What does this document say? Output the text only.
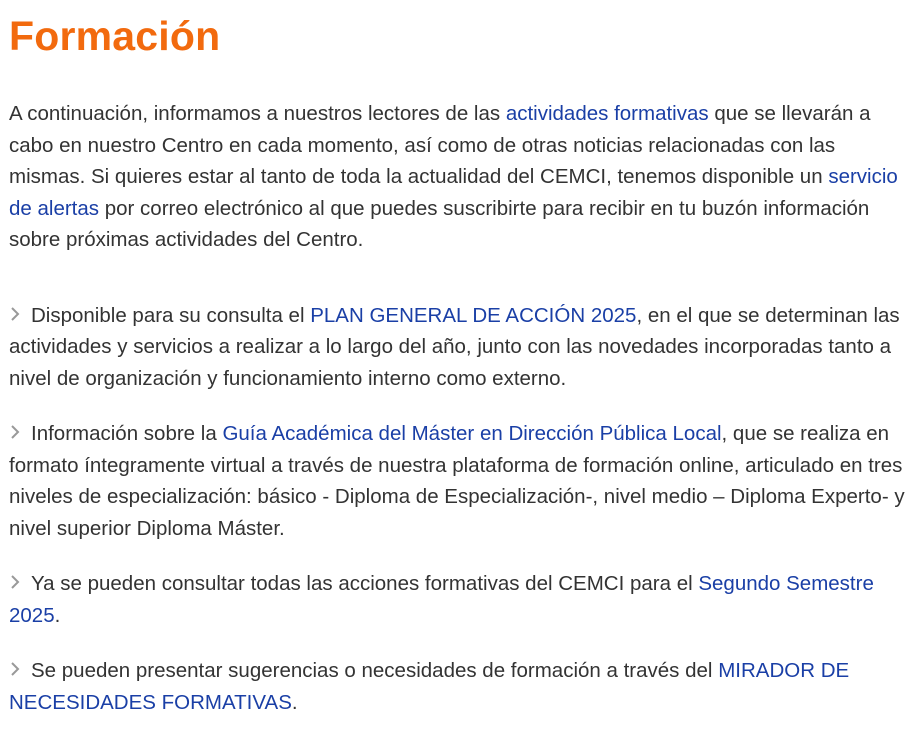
Formación

A continuación, informamos a nuestros lectores de las actividades formativas que se llevarán a cabo en nuestro Centro en cada momento, así como de otras noticias relacionadas con las mismas. Si quieres estar al tanto de toda la actualidad del CEMCI, tenemos disponible un servicio de alertas por correo electrónico al que puedes suscribirte para recibir en tu buzón información sobre próximas actividades del Centro.

Disponible para su consulta el PLAN GENERAL DE ACCIÓN 2025, en el que se determinan las actividades y servicios a realizar a lo largo del año, junto con las novedades incorporadas tanto a nivel de organización y funcionamiento interno como externo.

Información sobre la Guía Académica del Máster en Dirección Pública Local, que se realiza en formato íntegramente virtual a través de nuestra plataforma de formación online, articulado en tres niveles de especialización: básico - Diploma de Especialización-, nivel medio – Diploma Experto- y nivel superior Diploma Máster.

Ya se pueden consultar todas las acciones formativas del CEMCI para el Segundo Semestre 2025.

Se pueden presentar sugerencias o necesidades de formación a través del MIRADOR DE NECESIDADES FORMATIVAS.
